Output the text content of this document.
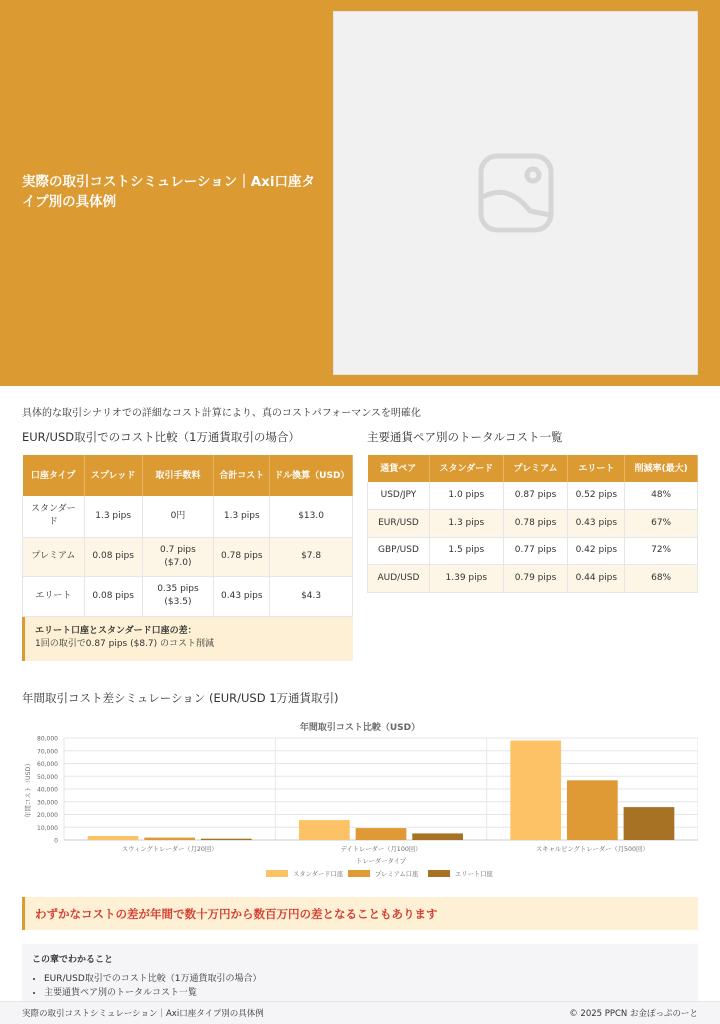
実際の取引コストシミュレーション｜Axi口座タイプ別の具体例
具体的な取引シナリオでの詳細なコスト計算により、真のコストパフォーマンスを明確化
EUR/USD取引でのコスト比較（1万通貨取引の場合）	主要通貨ペア別のトータルコスト一覧
口座タイプ	スプレッド	取引手数料	合計コスト	ドル換算（USD）
スタンダード	1.3 pips	0円	1.3 pips	$13.0
プレミアム	0.08 pips	0.7 pips ($7.0)	0.78 pips	$7.8
エリート	0.08 pips	0.35 pips ($3.5)	0.43 pips	$4.3
通貨ペア	スタンダード	プレミアム	エリート	削減率(最大)
USD/JPY	1.0 pips	0.87 pips	0.52 pips	48%
EUR/USD	1.3 pips	0.78 pips	0.43 pips	67%
GBP/USD	1.5 pips	0.77 pips	0.42 pips	72%
AUD/USD	1.39 pips	0.79 pips	0.44 pips	68%
エリート口座とスタンダード口座の差：
1回の取引で0.87 pips ($8.7) のコスト削減
年間取引コスト差シミュレーション (EUR/USD 1万通貨取引)
年間取引コスト比較（USD）
0
10,000
20,000
30,000
40,000
50,000
60,000
70,000
80,000
スウィングトレーダー（月20回）	デイトレーダー（月100回）	スキャルピングトレーダー（月500回）
トレーダータイプ
年間コスト（USD）
スタンダード口座	プレミアム口座	エリート口座
わずかなコストの差が年間で数十万円から数百万円の差となることもあります
この章でわかること
• EUR/USD取引でのコスト比較（1万通貨取引の場合）
• 主要通貨ペア別のトータルコスト一覧
実際の取引コストシミュレーション｜Axi口座タイプ別の具体例	© 2025 PPCN お金ぽっぷのーと
